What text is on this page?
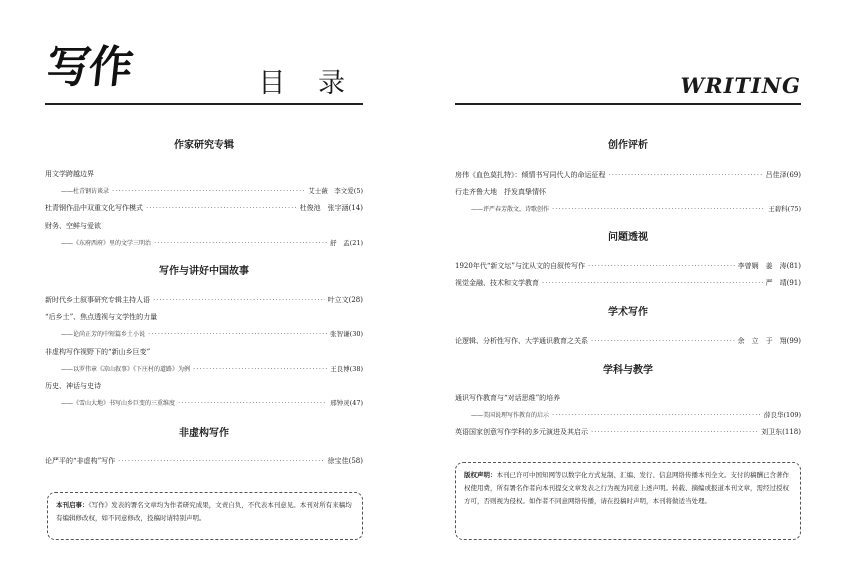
写作	目 录
作家研究专辑
用文学跨越边界
——杜青钢访谈录 ·····	艾士薇　李文爱(5)
杜青钢作品中双重文化写作模式 ·····	杜俊池　张宇涵(14)
财务、空鲜与爱欲
——《东府西府》里的文学三明治 ·····	舒　孟(21)
写作与讲好中国故事
新时代乡土叙事研究专辑主持人语 ·····	叶立文(28)
“后乡土”、焦点透视与文学性的力量
——论尚正芳的中短篇乡土小说 ·····	张智谦(30)
非虚构写作视野下的“新山乡巨变”
——以罗伟章《凉山叙事》《下庄村的道路》为例 ·····	王良博(38)
历史、神话与史诗
——《雪山大地》书写山乡巨变的三重维度 ·····	邢钟灵(47)
非虚构写作
论严平的“非虚构”写作 ·····	徐宝佳(58)
本刊启事：《写作》发表的署名文章均为作者研究成果，文责自负，不代表本刊意见。本刊对所有来稿均有编辑修改权，如不同意修改，投稿时请特别声明。
WRITING
创作评析
房伟《血色莫扎特》：倾情书写同代人的命运征程 ·····	吕佳泽(69)
行走齐鲁大地　抒发真挚情怀
——评严春芳散文，诗歌创作 ·····	王碧科(75)
问题透视
1920年代“新文坛”与沈从文的自叙传写作 ·····	李曾娴　姜　涛(81)
视觉金融、技术和文学教育 ·····	严　靖(91)
学术写作
论逻辑、分析性写作、大学通识教育之关系 ·····	余　立　于　翔(99)
学科与教学
通识写作教育与“对话思维”的培养
——美国说理写作教育的启示 ·····	薛良华(109)
英语国家创意写作学科的多元演进及其启示 ·····	刘卫东(118)
版权声明：本刊已许可中国知网等以数字化方式复制、汇编、发行、信息网络传播本刊全文。支付的稿酬已含著作权使用费，所有署名作者向本刊提交文章发表之行为视为同意上述声明。转载、摘编或报道本刊文章，需经过授权方可，否则视为侵权。如作者不同意网络传播，请在投稿时声明，本刊将做适当处理。
